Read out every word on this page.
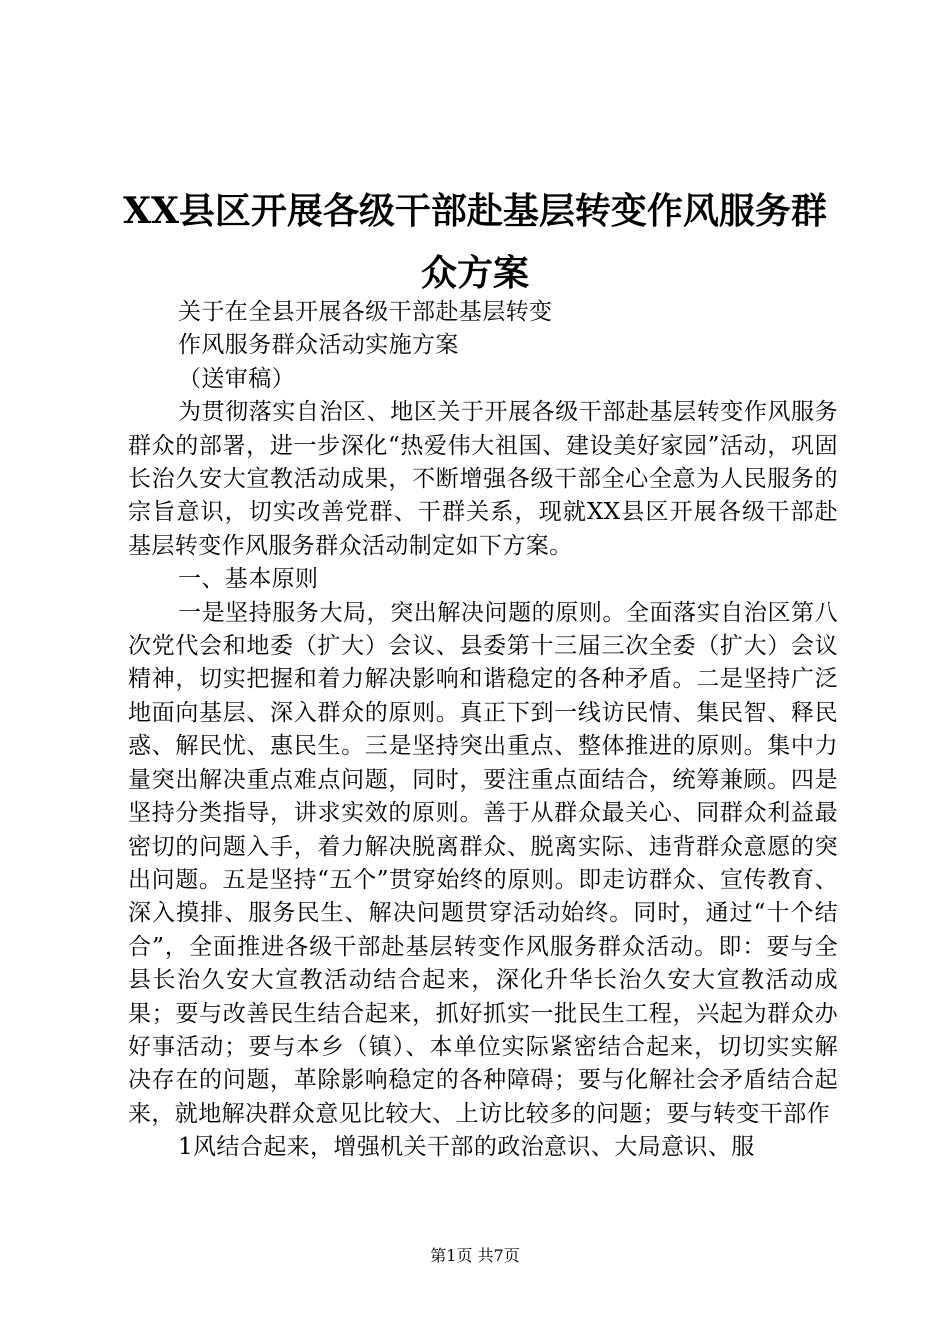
XX县区开展各级干部赴基层转变作风服务群
众方案

关于在全县开展各级干部赴基层转变

作风服务群众活动实施方案

（送审稿）

为贯彻落实自治区、地区关于开展各级干部赴基层转变作风服务群众的部署，进一步深化“热爱伟大祖国、建设美好家园”活动，巩固长治久安大宣教活动成果，不断增强各级干部全心全意为人民服务的宗旨意识，切实改善党群、干群关系，现就XX县区开展各级干部赴基层转变作风服务群众活动制定如下方案。

一、基本原则

一是坚持服务大局，突出解决问题的原则。全面落实自治区第八次党代会和地委（扩大）会议、县委第十三届三次全委（扩大）会议精神，切实把握和着力解决影响和谐稳定的各种矛盾。二是坚持广泛地面向基层、深入群众的原则。真正下到一线访民情、集民智、释民惑、解民忧、惠民生。三是坚持突出重点、整体推进的原则。集中力量突出解决重点难点问题，同时，要注重点面结合，统筹兼顾。四是坚持分类指导，讲求实效的原则。善于从群众最关心、同群众利益最密切的问题入手，着力解决脱离群众、脱离实际、违背群众意愿的突出问题。五是坚持“五个”贯穿始终的原则。即走访群众、宣传教育、深入摸排、服务民生、解决问题贯穿活动始终。同时，通过“十个结合”，全面推进各级干部赴基层转变作风服务群众活动。即：要与全县长治久安大宣教活动结合起来，深化升华长治久安大宣教活动成果；要与改善民生结合起来，抓好抓实一批民生工程，兴起为群众办好事活动；要与本乡（镇）、本单位实际紧密结合起来，切切实实解决存在的问题，革除影响稳定的各种障碍；要与化解社会矛盾结合起来，就地解决群众意见比较大、上访比较多的问题；要与转变干部作

1风结合起来，增强机关干部的政治意识、大局意识、服

第1页 共7页
